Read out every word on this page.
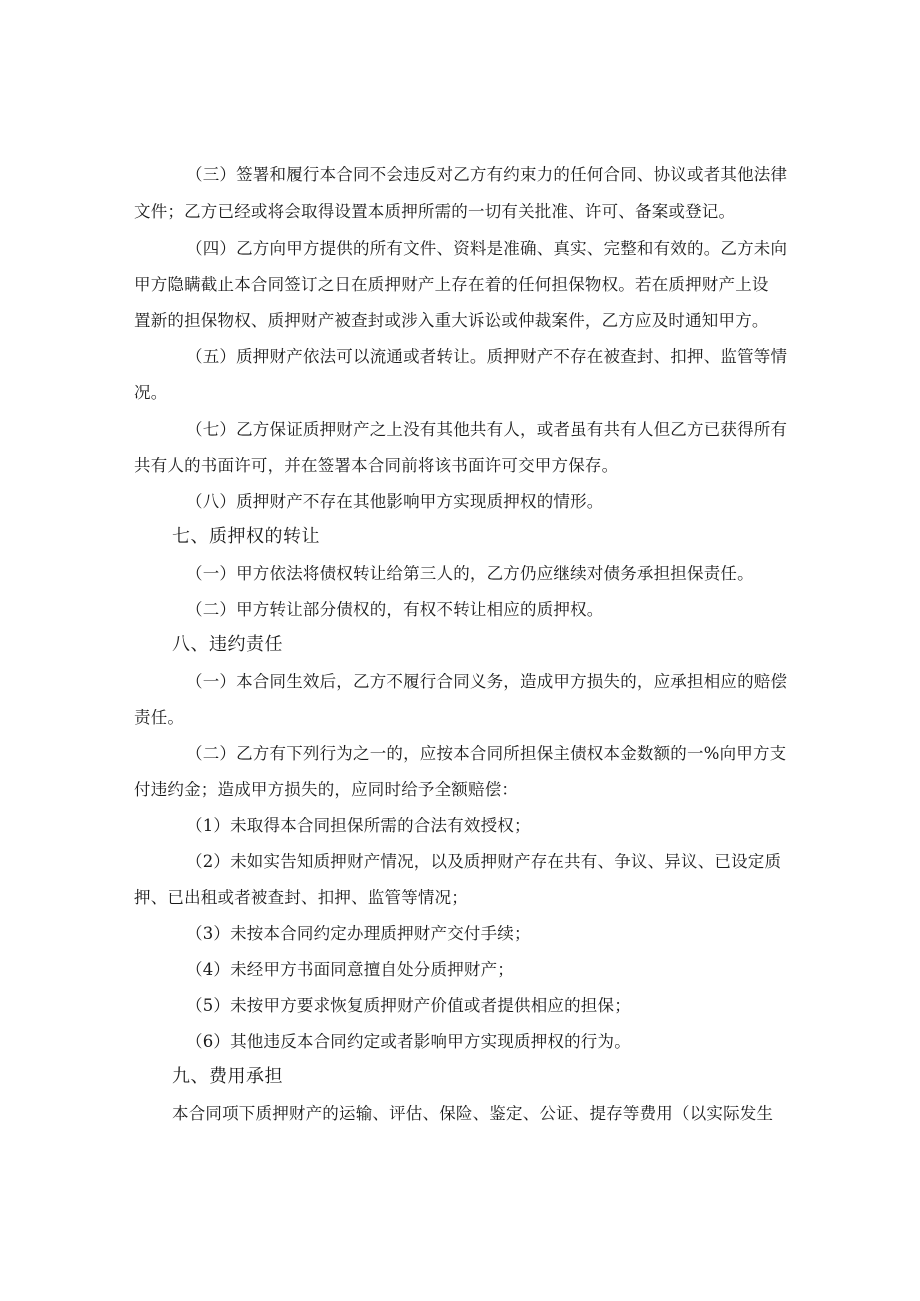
（三）签署和履行本合同不会违反对乙方有约束力的任何合同、协议或者其他法律
文件；乙方已经或将会取得设置本质押所需的一切有关批准、许可、备案或登记。
（四）乙方向甲方提供的所有文件、资料是准确、真实、完整和有效的。乙方未向
甲方隐瞒截止本合同签订之日在质押财产上存在着的任何担保物权。若在质押财产上设
置新的担保物权、质押财产被查封或涉入重大诉讼或仲裁案件，乙方应及时通知甲方。
（五）质押财产依法可以流通或者转让。质押财产不存在被查封、扣押、监管等情
况。
（七）乙方保证质押财产之上没有其他共有人，或者虽有共有人但乙方已获得所有
共有人的书面许可，并在签署本合同前将该书面许可交甲方保存。
（八）质押财产不存在其他影响甲方实现质押权的情形。
七、质押权的转让
（一）甲方依法将债权转让给第三人的，乙方仍应继续对债务承担担保责任。
（二）甲方转让部分债权的，有权不转让相应的质押权。
八、违约责任
（一）本合同生效后，乙方不履行合同义务，造成甲方损失的，应承担相应的赔偿
责任。
（二）乙方有下列行为之一的，应按本合同所担保主债权本金数额的一%向甲方支
付违约金；造成甲方损失的，应同时给予全额赔偿：
（1）未取得本合同担保所需的合法有效授权；
（2）未如实告知质押财产情况，以及质押财产存在共有、争议、异议、已设定质
押、已出租或者被查封、扣押、监管等情况；
（3）未按本合同约定办理质押财产交付手续；
（4）未经甲方书面同意擅自处分质押财产；
（5）未按甲方要求恢复质押财产价值或者提供相应的担保；
（6）其他违反本合同约定或者影响甲方实现质押权的行为。
九、费用承担
本合同项下质押财产的运输、评估、保险、鉴定、公证、提存等费用（以实际发生
